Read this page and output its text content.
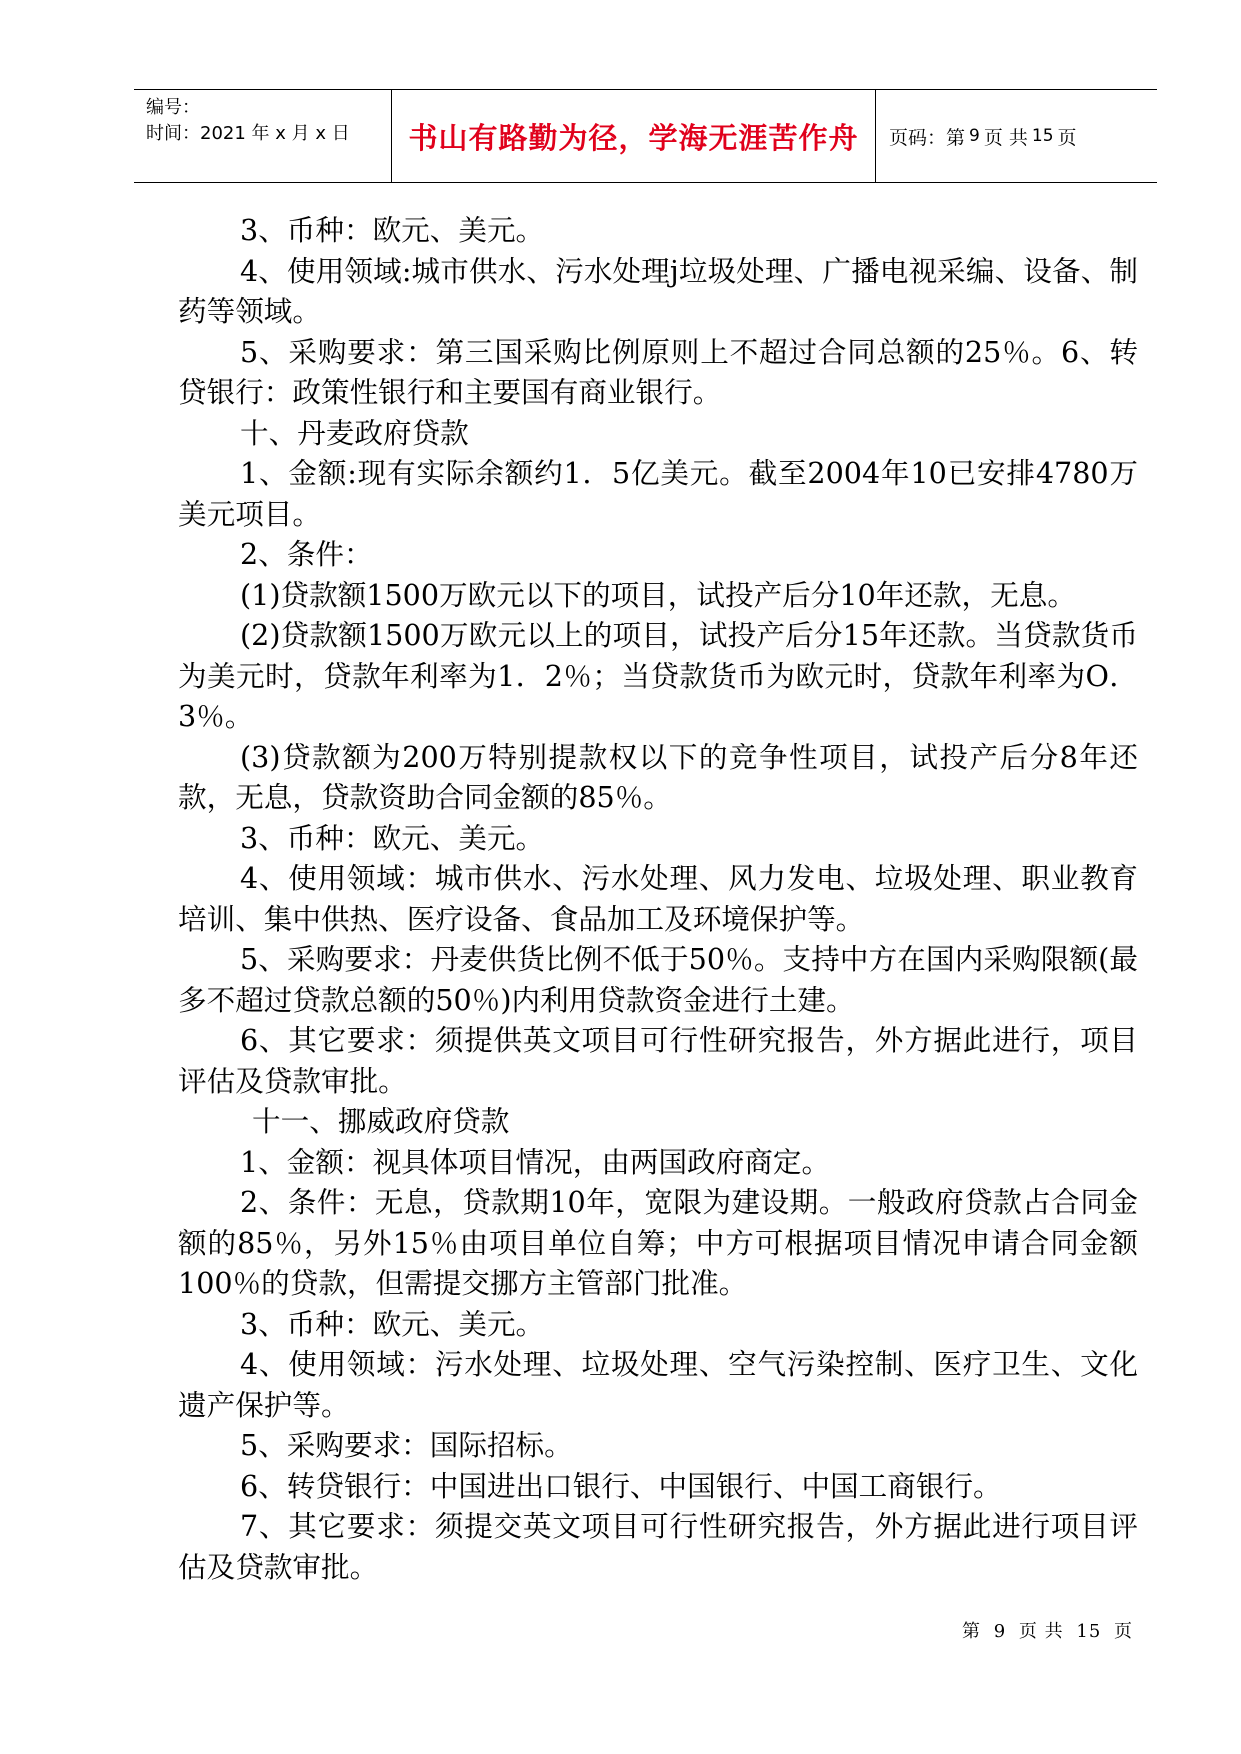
编号：
时间：2021 年 x 月 x 日	书山有路勤为径，学海无涯苦作舟 页码：第 9 页 共 15 页

3、币种：欧元、美元。

4、使用领域:城市供水、污水处理j垃圾处理、广播电视采编、设备、制药等领域。

5、采购要求：第三国采购比例原则上不超过合同总额的25％。6、转贷银行：政策性银行和主要国有商业银行。

十、丹麦政府贷款

1、金额:现有实际余额约1．5亿美元。截至2004年10已安排4780万美元项目。

2、条件：

(1)贷款额1500万欧元以下的项目，试投产后分10年还款，无息。

(2)贷款额1500万欧元以上的项目，试投产后分15年还款。当贷款货币为美元时，贷款年利率为1．2％；当贷款货币为欧元时，贷款年利率为O．3％。

(3)贷款额为200万特别提款权以下的竞争性项目，试投产后分8年还款，无息，贷款资助合同金额的85％。

3、币种：欧元、美元。

4、使用领域：城市供水、污水处理、风力发电、垃圾处理、职业教育培训、集中供热、医疗设备、食品加工及环境保护等。

5、采购要求：丹麦供货比例不低于50％。支持中方在国内采购限额(最多不超过贷款总额的50％)内利用贷款资金进行土建。

6、其它要求：须提供英文项目可行性研究报告，外方据此进行，项目评估及贷款审批。

十一、挪威政府贷款

1、金额：视具体项目情况，由两国政府商定。

2、条件：无息，贷款期10年，宽限为建设期。一般政府贷款占合同金额的85％，另外15％由项目单位自筹；中方可根据项目情况申请合同金额100％的贷款，但需提交挪方主管部门批准。

3、币种：欧元、美元。

4、使用领域：污水处理、垃圾处理、空气污染控制、医疗卫生、文化遗产保护等。

5、采购要求：国际招标。

6、转贷银行：中国进出口银行、中国银行、中国工商银行。

7、其它要求：须提交英文项目可行性研究报告，外方据此进行项目评估及贷款审批。

第 9 页 共 15 页
